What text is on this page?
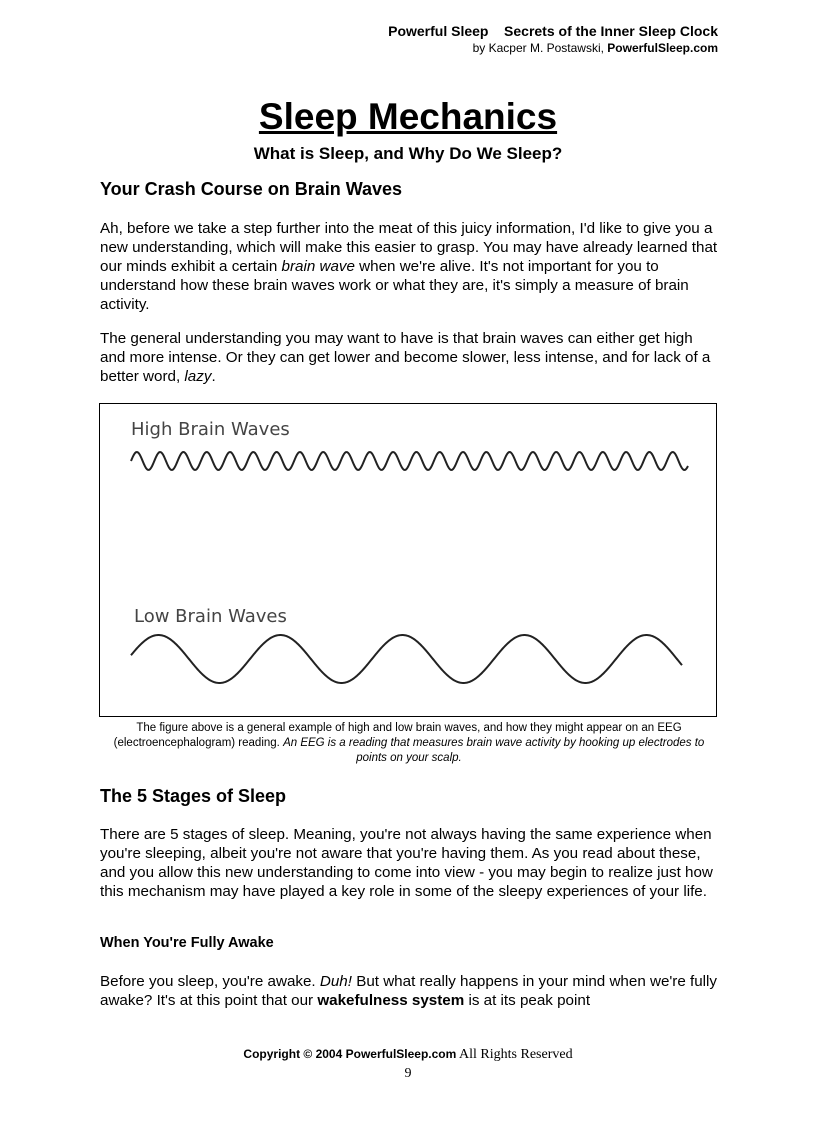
Powerful Sleep Secrets of the Inner Sleep Clock
by Kacper M. Postawski, PowerfulSleep.com
Sleep Mechanics
What is Sleep, and Why Do We Sleep?
Your Crash Course on Brain Waves

Ah, before we take a step further into the meat of this juicy information, I'd like to give you a new understanding, which will make this easier to grasp. You may have already learned that our minds exhibit a certain brain wave when we're alive. It's not important for you to understand how these brain waves work or what they are, it's simply a measure of brain activity.

The general understanding you may want to have is that brain waves can either get high and more intense. Or they can get lower and become slower, less intense, and for lack of a better word, lazy.

High Brain Waves
Low Brain Waves

The figure above is a general example of high and low brain waves, and how they might appear on an EEG (electroencephalogram) reading. An EEG is a reading that measures brain wave activity by hooking up electrodes to points on your scalp.

The 5 Stages of Sleep

There are 5 stages of sleep. Meaning, you're not always having the same experience when you're sleeping, albeit you're not aware that you're having them. As you read about these, and you allow this new understanding to come into view - you may begin to realize just how this mechanism may have played a key role in some of the sleepy experiences of your life.

When You're Fully Awake

Before you sleep, you're awake. Duh! But what really happens in your mind when we're fully awake? It's at this point that our wakefulness system is at its peak point

Copyright © 2004 PowerfulSleep.com All Rights Reserved
9
